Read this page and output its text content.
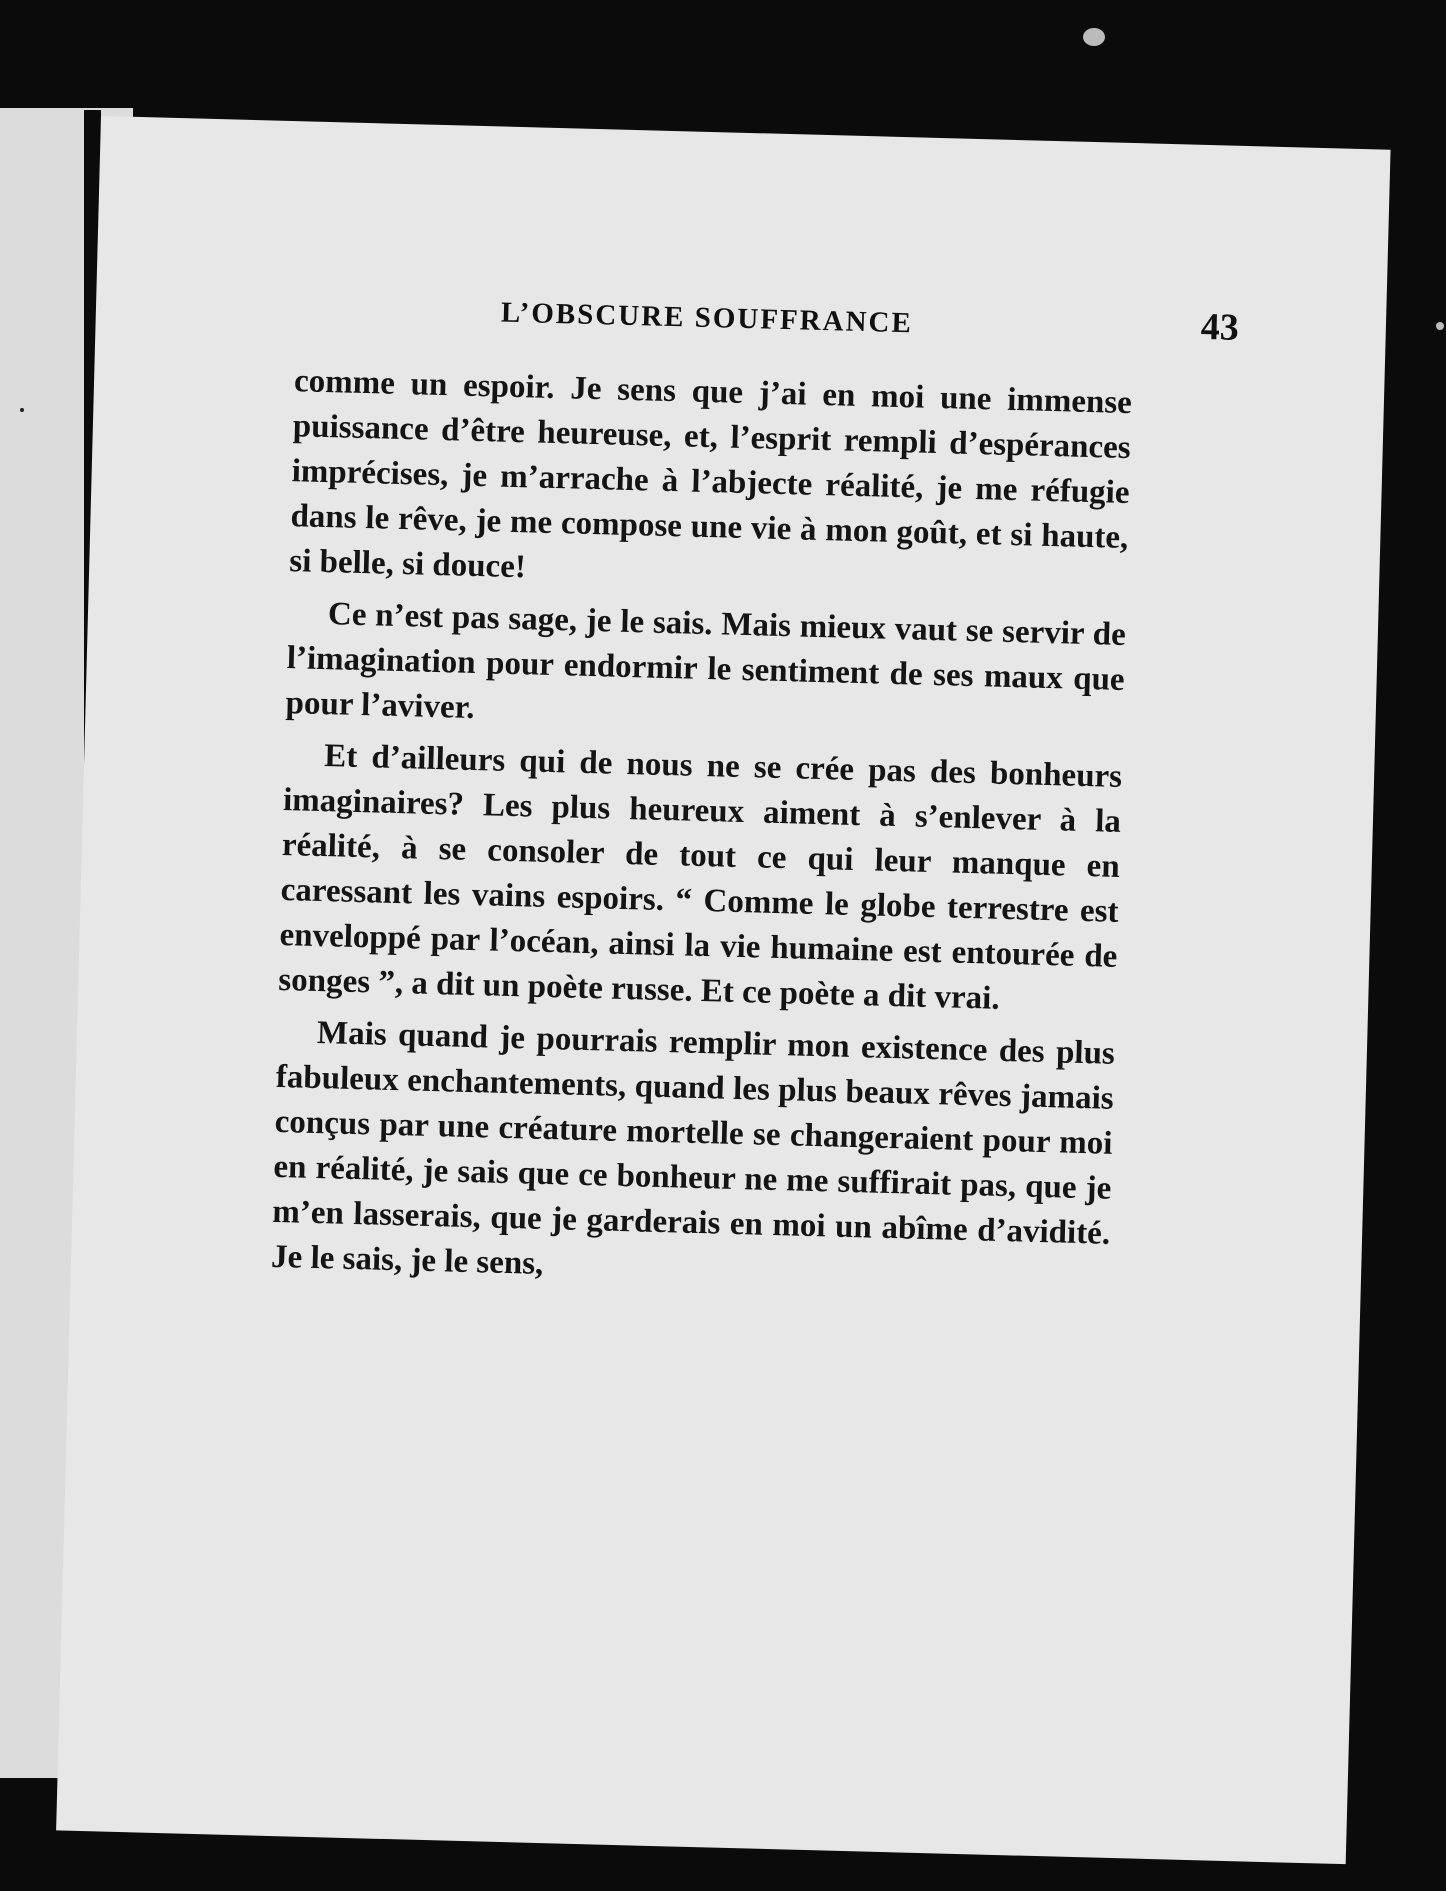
L’OBSCURE SOUFFRANCE	43

comme un espoir. Je sens que j’ai en moi une immense puissance d’être heureuse, et, l’esprit rempli d’espérances imprécises, je m’arrache à l’abjecte réalité, je me réfugie dans le rêve, je me compose une vie à mon goût, et si haute, si belle, si douce!

Ce n’est pas sage, je le sais. Mais mieux vaut se servir de l’imagination pour endormir le sentiment de ses maux que pour l’aviver.

Et d’ailleurs qui de nous ne se crée pas des bonheurs imaginaires? Les plus heureux aiment à s’enlever à la réalité, à se consoler de tout ce qui leur manque en caressant les vains espoirs. “ Comme le globe terrestre est enveloppé par l’océan, ainsi la vie humaine est entourée de songes ”, a dit un poète russe. Et ce poète a dit vrai.

Mais quand je pourrais remplir mon existence des plus fabuleux enchantements, quand les plus beaux rêves jamais conçus par une créature mortelle se changeraient pour moi en réalité, je sais que ce bonheur ne me suffirait pas, que je m’en lasserais, que je garderais en moi un abîme d’avidité. Je le sais, je le sens,
